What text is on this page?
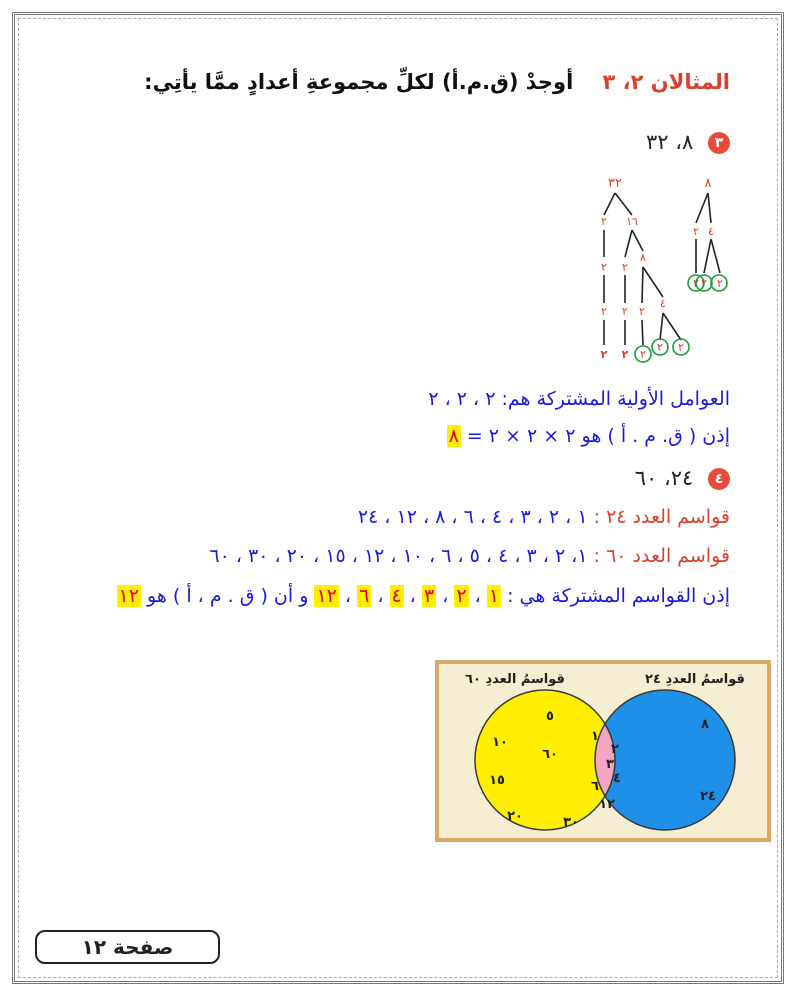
المثالان ٢، ٣    أوجدْ (ق.م.أ) لكلِّ مجموعةِ أعدادٍ ممَّا يأتِي:
٣ ٨، ٣٢
٣٢
٢ ١٦
٢ ٢
٨
٢ ٢ ٢
٤
٢ ٢ ٢
٢ ٢
٨
٢ ٤
٢ ٢ ٢
العوامل الأولية المشتركة هم: ٢ ، ٢ ، ٢
إذن ( ق. م . أ ) هو ٢ × ٢ × ٢ = ٨
٤ ٢٤، ٦٠
قواسم العدد ٢٤ : ١ ، ٢ ، ٣ ، ٤ ، ٦ ، ٨ ، ١٢ ، ٢٤
قواسم العدد ٦٠ : ١، ٢ ، ٣ ، ٤ ، ٥ ، ٦ ، ١٠ ، ١٢ ، ١٥ ، ٢٠ ، ٣٠ ، ٦٠
إذن القواسم المشتركة هي : ١ ، ٢ ، ٣ ، ٤ ، ٦ ، ١٢ و أن ( ق . م ، أ ) هو ١٢
قواسمُ العددِ ٢٤
قواسمُ العددِ ٦٠
٨
٢٤
١
٢
٣
٤
٦
١٢
٥
١٠
٦٠
١٥
٢٠	٣٠
صفحة ١٢
